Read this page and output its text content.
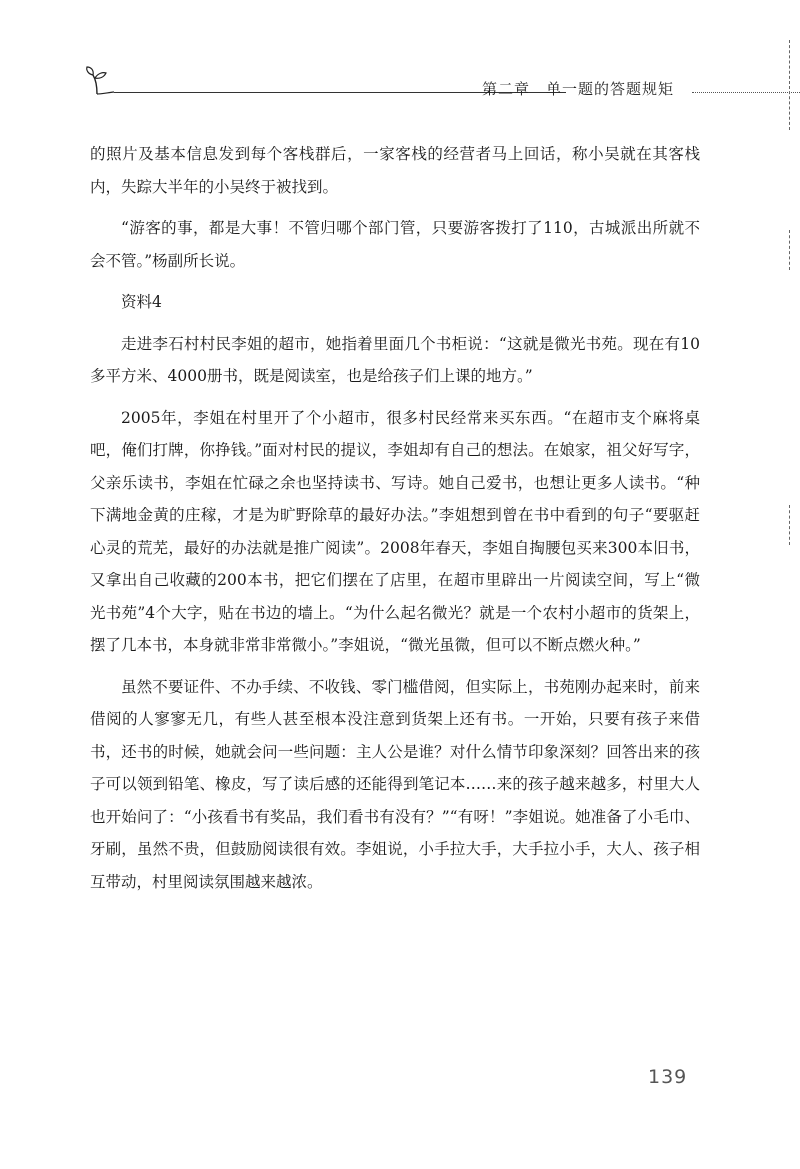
第二章　单一题的答题规矩

的照片及基本信息发到每个客栈群后，一家客栈的经营者马上回话，称小吴就在其客栈内，失踪大半年的小吴终于被找到。

“游客的事，都是大事！不管归哪个部门管，只要游客拨打了110，古城派出所就不会不管。”杨副所长说。

资料4

走进李石村村民李姐的超市，她指着里面几个书柜说：“这就是微光书苑。现在有10多平方米、4000册书，既是阅读室，也是给孩子们上课的地方。”

2005年，李姐在村里开了个小超市，很多村民经常来买东西。“在超市支个麻将桌吧，俺们打牌，你挣钱。”面对村民的提议，李姐却有自己的想法。在娘家，祖父好写字，父亲乐读书，李姐在忙碌之余也坚持读书、写诗。她自己爱书，也想让更多人读书。“种下满地金黄的庄稼，才是为旷野除草的最好办法。”李姐想到曾在书中看到的句子“要驱赶心灵的荒芜，最好的办法就是推广阅读”。2008年春天，李姐自掏腰包买来300本旧书，又拿出自己收藏的200本书，把它们摆在了店里，在超市里辟出一片阅读空间，写上“微光书苑”4个大字，贴在书边的墙上。“为什么起名微光？就是一个农村小超市的货架上，摆了几本书，本身就非常非常微小。”李姐说，“微光虽微，但可以不断点燃火种。”

虽然不要证件、不办手续、不收钱、零门槛借阅，但实际上，书苑刚办起来时，前来借阅的人寥寥无几，有些人甚至根本没注意到货架上还有书。一开始，只要有孩子来借书，还书的时候，她就会问一些问题：主人公是谁？对什么情节印象深刻？回答出来的孩子可以领到铅笔、橡皮，写了读后感的还能得到笔记本……来的孩子越来越多，村里大人也开始问了：“小孩看书有奖品，我们看书有没有？”“有呀！”李姐说。她准备了小毛巾、牙刷，虽然不贵，但鼓励阅读很有效。李姐说，小手拉大手，大手拉小手，大人、孩子相互带动，村里阅读氛围越来越浓。

139
